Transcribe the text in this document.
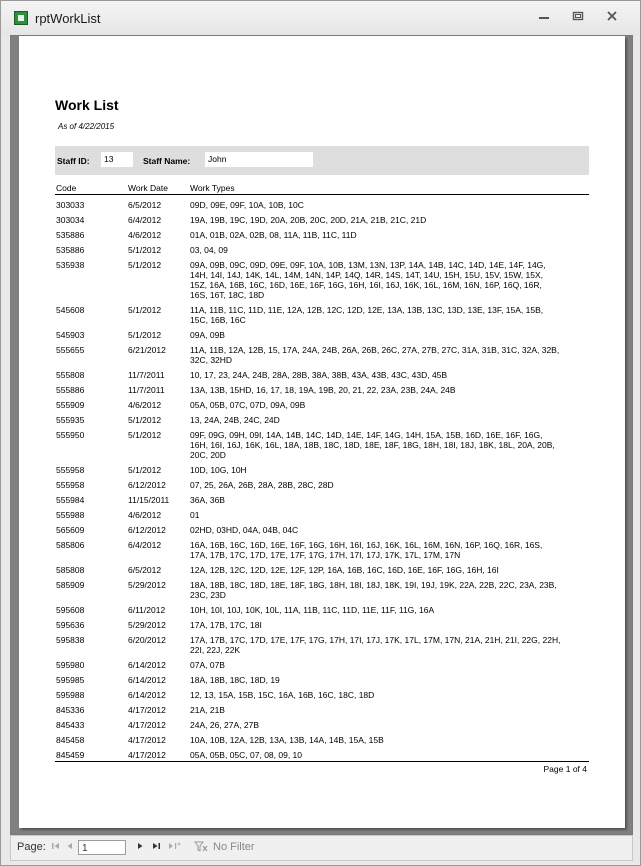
rptWorkList
Work List
As of 4/22/2015
Staff ID:	13	Staff Name:	John
Code	Work Date	Work Types
303033	6/5/2012	09D, 09E, 09F, 10A, 10B, 10C
303034	6/4/2012	19A, 19B, 19C, 19D, 20A, 20B, 20C, 20D, 21A, 21B, 21C, 21D
535886	4/6/2012	01A, 01B, 02A, 02B, 08, 11A, 11B, 11C, 11D
535886	5/1/2012	03, 04, 09
535938	5/1/2012	09A, 09B, 09C, 09D, 09E, 09F, 10A, 10B, 13M, 13N, 13P, 14A, 14B, 14C, 14D, 14E, 14F, 14G,
14H, 14I, 14J, 14K, 14L, 14M, 14N, 14P, 14Q, 14R, 14S, 14T, 14U, 15H, 15U, 15V, 15W, 15X,
15Z, 16A, 16B, 16C, 16D, 16E, 16F, 16G, 16H, 16I, 16J, 16K, 16L, 16M, 16N, 16P, 16Q, 16R,
16S, 16T, 18C, 18D
545608	5/1/2012	11A, 11B, 11C, 11D, 11E, 12A, 12B, 12C, 12D, 12E, 13A, 13B, 13C, 13D, 13E, 13F, 15A, 15B,
15C, 16B, 16C
545903	5/1/2012	09A, 09B
555655	6/21/2012	11A, 11B, 12A, 12B, 15, 17A, 24A, 24B, 26A, 26B, 26C, 27A, 27B, 27C, 31A, 31B, 31C, 32A, 32B,
32C, 32HD
555808	11/7/2011	10, 17, 23, 24A, 24B, 28A, 28B, 38A, 38B, 43A, 43B, 43C, 43D, 45B
555886	11/7/2011	13A, 13B, 15HD, 16, 17, 18, 19A, 19B, 20, 21, 22, 23A, 23B, 24A, 24B
555909	4/6/2012	05A, 05B, 07C, 07D, 09A, 09B
555935	5/1/2012	13, 24A, 24B, 24C, 24D
555950	5/1/2012	09F, 09G, 09H, 09I, 14A, 14B, 14C, 14D, 14E, 14F, 14G, 14H, 15A, 15B, 16D, 16E, 16F, 16G,
16H, 16I, 16J, 16K, 16L, 18A, 18B, 18C, 18D, 18E, 18F, 18G, 18H, 18I, 18J, 18K, 18L, 20A, 20B,
20C, 20D
555958	5/1/2012	10D, 10G, 10H
555958	6/12/2012	07, 25, 26A, 26B, 28A, 28B, 28C, 28D
555984	11/15/2011	36A, 36B
555988	4/6/2012	01
565609	6/12/2012	02HD, 03HD, 04A, 04B, 04C
585806	6/4/2012	16A, 16B, 16C, 16D, 16E, 16F, 16G, 16H, 16I, 16J, 16K, 16L, 16M, 16N, 16P, 16Q, 16R, 16S,
17A, 17B, 17C, 17D, 17E, 17F, 17G, 17H, 17I, 17J, 17K, 17L, 17M, 17N
585808	6/5/2012	12A, 12B, 12C, 12D, 12E, 12F, 12P, 16A, 16B, 16C, 16D, 16E, 16F, 16G, 16H, 16I
585909	5/29/2012	18A, 18B, 18C, 18D, 18E, 18F, 18G, 18H, 18I, 18J, 18K, 19I, 19J, 19K, 22A, 22B, 22C, 23A, 23B,
23C, 23D
595608	6/11/2012	10H, 10I, 10J, 10K, 10L, 11A, 11B, 11C, 11D, 11E, 11F, 11G, 16A
595636	5/29/2012	17A, 17B, 17C, 18I
595838	6/20/2012	17A, 17B, 17C, 17D, 17E, 17F, 17G, 17H, 17I, 17J, 17K, 17L, 17M, 17N, 21A, 21H, 21I, 22G, 22H,
22I, 22J, 22K
595980	6/14/2012	07A, 07B
595985	6/14/2012	18A, 18B, 18C, 18D, 19
595988	6/14/2012	12, 13, 15A, 15B, 15C, 16A, 16B, 16C, 18C, 18D
845336	4/17/2012	21A, 21B
845433	4/17/2012	24A, 26, 27A, 27B
845458	4/17/2012	10A, 10B, 12A, 12B, 13A, 13B, 14A, 14B, 15A, 15B
845459	4/17/2012	05A, 05B, 05C, 07, 08, 09, 10
Page 1 of 4
Page:	1	No Filter
